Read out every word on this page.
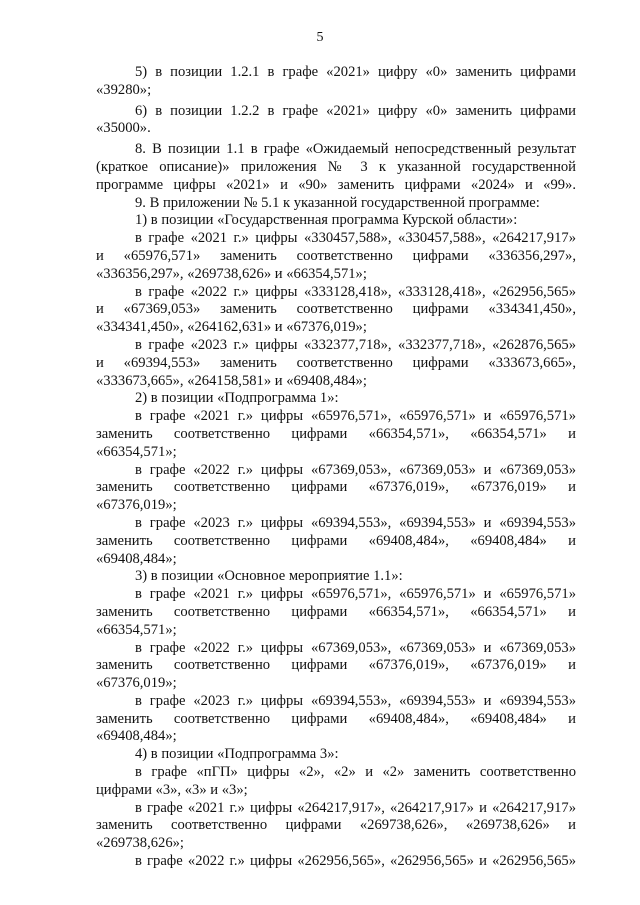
5
5) в позиции 1.2.1 в графе «2021» цифру «0» заменить цифрами
«39280»;
6) в позиции 1.2.2 в графе «2021» цифру «0» заменить цифрами
«35000».
8. В позиции 1.1 в графе «Ожидаемый непосредственный результат
(краткое описание)» приложения № 3 к указанной государственной
программе цифры «2021» и «90» заменить цифрами «2024» и «99».
9. В приложении № 5.1 к указанной государственной программе:
1) в позиции «Государственная программа Курской области»:
в графе «2021 г.» цифры «330457,588», «330457,588», «264217,917»
и «65976,571» заменить соответственно цифрами «336356,297»,
«336356,297», «269738,626» и «66354,571»;
в графе «2022 г.» цифры «333128,418», «333128,418», «262956,565»
и «67369,053» заменить соответственно цифрами «334341,450»,
«334341,450», «264162,631» и «67376,019»;
в графе «2023 г.» цифры «332377,718», «332377,718», «262876,565»
и «69394,553» заменить соответственно цифрами «333673,665»,
«333673,665», «264158,581» и «69408,484»;
2) в позиции «Подпрограмма 1»:
в графе «2021 г.» цифры «65976,571», «65976,571» и «65976,571»
заменить соответственно цифрами «66354,571», «66354,571» и
«66354,571»;
в графе «2022 г.» цифры «67369,053», «67369,053» и «67369,053»
заменить соответственно цифрами «67376,019», «67376,019» и
«67376,019»;
в графе «2023 г.» цифры «69394,553», «69394,553» и «69394,553»
заменить соответственно цифрами «69408,484», «69408,484» и
«69408,484»;
3) в позиции «Основное мероприятие 1.1»:
в графе «2021 г.» цифры «65976,571», «65976,571» и «65976,571»
заменить соответственно цифрами «66354,571», «66354,571» и
«66354,571»;
в графе «2022 г.» цифры «67369,053», «67369,053» и «67369,053»
заменить соответственно цифрами «67376,019», «67376,019» и
«67376,019»;
в графе «2023 г.» цифры «69394,553», «69394,553» и «69394,553»
заменить соответственно цифрами «69408,484», «69408,484» и
«69408,484»;
4) в позиции «Подпрограмма 3»:
в графе «пГП» цифры «2», «2» и «2» заменить соответственно
цифрами «3», «3» и «3»;
в графе «2021 г.» цифры «264217,917», «264217,917» и «264217,917»
заменить соответственно цифрами «269738,626», «269738,626» и
«269738,626»;
в графе «2022 г.» цифры «262956,565», «262956,565» и «262956,565»
